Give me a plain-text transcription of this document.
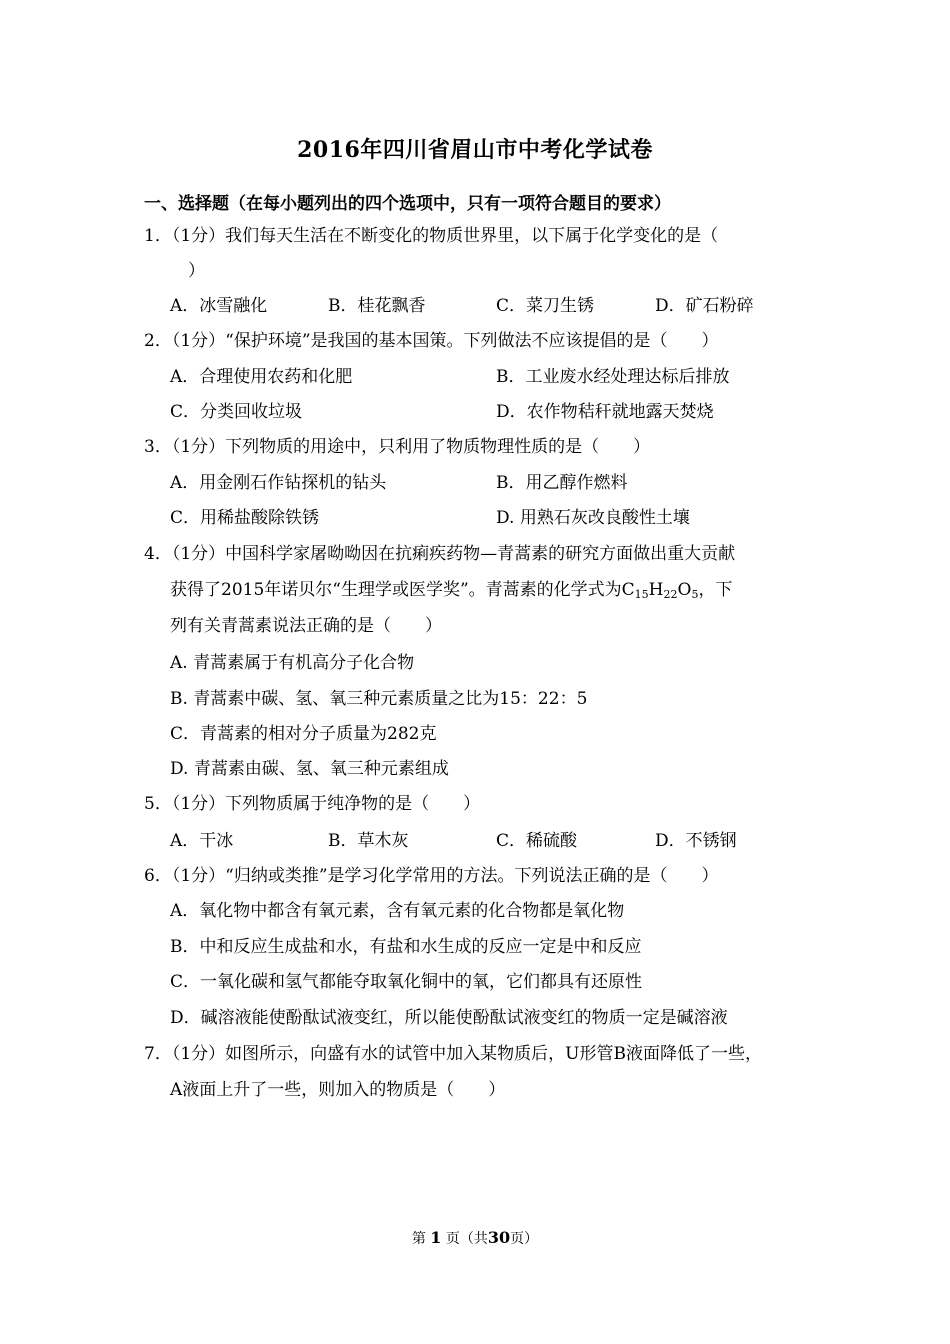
2016年四川省眉山市中考化学试卷
一、选择题（在每小题列出的四个选项中，只有一项符合题目的要求）
1．（1分）我们每天生活在不断变化的物质世界里，以下属于化学变化的是（
）
A．冰雪融化	B．桂花飘香	C．菜刀生锈	D．矿石粉碎
2．（1分）“保护环境”是我国的基本国策。下列做法不应该提倡的是（　　）
A．合理使用农药和化肥	B．工业废水经处理达标后排放
C．分类回收垃圾	D．农作物秸秆就地露天焚烧
3．（1分）下列物质的用途中，只利用了物质物理性质的是（　　）
A．用金刚石作钻探机的钻头	B．用乙醇作燃料
C．用稀盐酸除铁锈	D. 用熟石灰改良酸性土壤
4．（1分）中国科学家屠呦呦因在抗痢疾药物—青蒿素的研究方面做出重大贡献
获得了2015年诺贝尔“生理学或医学奖”。青蒿素的化学式为$C_{15}H_{22}O_5$，下
列有关青蒿素说法正确的是（　　）
A. 青蒿素属于有机高分子化合物
B. 青蒿素中碳、氢、氧三种元素质量之比为15：22：5
C．青蒿素的相对分子质量为282克
D. 青蒿素由碳、氢、氧三种元素组成
5．（1分）下列物质属于纯净物的是（　　）
A．干冰	B．草木灰	C．稀硫酸	D．不锈钢
6．（1分）“归纳或类推”是学习化学常用的方法。下列说法正确的是（　　）
A．氧化物中都含有氧元素，含有氧元素的化合物都是氧化物
B．中和反应生成盐和水，有盐和水生成的反应一定是中和反应
C．一氧化碳和氢气都能夺取氧化铜中的氧，它们都具有还原性
D．碱溶液能使酚酞试液变红，所以能使酚酞试液变红的物质一定是碱溶液
7．（1分）如图所示，向盛有水的试管中加入某物质后，U形管B液面降低了一些，
A液面上升了一些，则加入的物质是（　　）
第 1 页（共30页）
